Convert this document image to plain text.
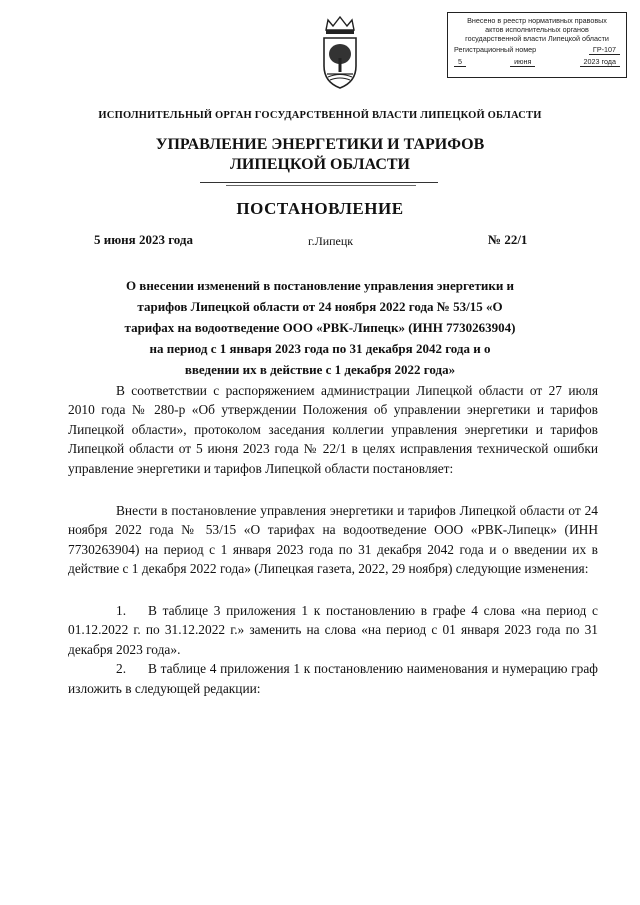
Внесено в реестр нормативных правовых
актов исполнительных органов
государственной власти Липецкой области
Регистрационный номер	ГР-107
5	июня	2023 года
ИСПОЛНИТЕЛЬНЫЙ ОРГАН ГОСУДАРСТВЕННОЙ ВЛАСТИ ЛИПЕЦКОЙ ОБЛАСТИ
УПРАВЛЕНИЕ ЭНЕРГЕТИКИ И ТАРИФОВ
ЛИПЕЦКОЙ ОБЛАСТИ
ПОСТАНОВЛЕНИЕ
5 июня 2023 года	г.Липецк	№ 22/1
О внесении изменений в постановление управления энергетики и
тарифов Липецкой области от 24 ноября 2022 года № 53/15 «О
тарифах на водоотведение ООО «РВК-Липецк» (ИНН 7730263904)
на период с 1 января 2023 года по 31 декабря 2042 года и о
введении их в действие с 1 декабря 2022 года»

В соответствии с распоряжением администрации Липецкой области от 27 июля 2010 года № 280-р «Об утверждении Положения об управлении энергетики и тарифов Липецкой области», протоколом заседания коллегии управления энергетики и тарифов Липецкой области от 5 июня 2023 года № 22/1 в целях исправления технической ошибки управление энергетики и тарифов Липецкой области постановляет:

Внести в постановление управления энергетики и тарифов Липецкой области от 24 ноября 2022 года № 53/15 «О тарифах на водоотведение ООО «РВК-Липецк» (ИНН 7730263904) на период с 1 января 2023 года по 31 декабря 2042 года и о введении их в действие с 1 декабря 2022 года» (Липецкая газета, 2022, 29 ноября) следующие изменения:

1. В таблице 3 приложения 1 к постановлению в графе 4 слова «на период с 01.12.2022 г. по 31.12.2022 г.» заменить на слова «на период с 01 января 2023 года по 31 декабря 2023 года».

2. В таблице 4 приложения 1 к постановлению наименования и нумерацию граф изложить в следующей редакции:
